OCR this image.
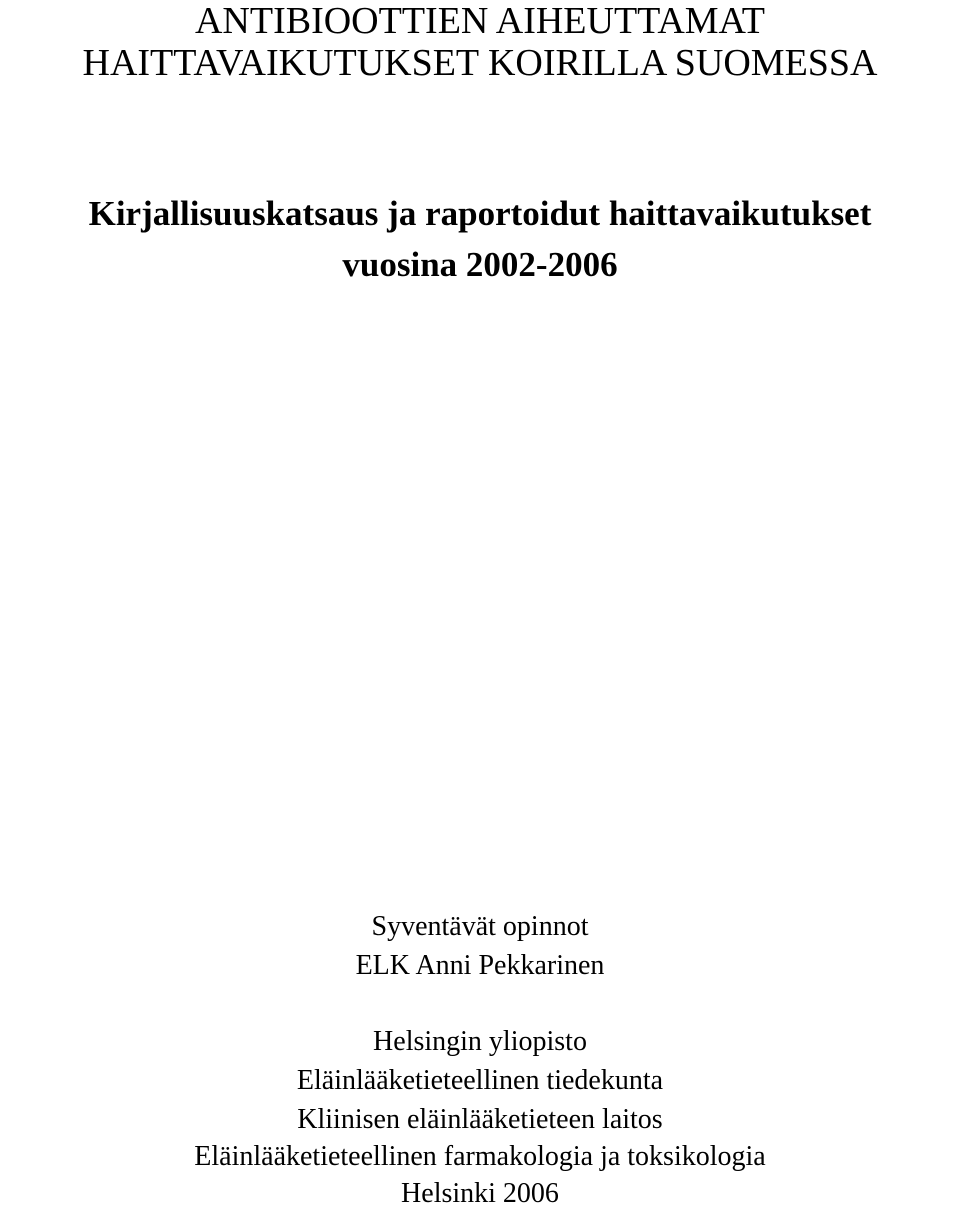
ANTIBIOOTTIEN AIHEUTTAMAT
HAITTAVAIKUTUKSET KOIRILLA SUOMESSA
Kirjallisuuskatsaus ja raportoidut haittavaikutukset
vuosina 2002-2006

Syventävät opinnot

ELK Anni Pekkarinen

Helsingin yliopisto

Eläinlääketieteellinen tiedekunta

Kliinisen eläinlääketieteen laitos

Eläinlääketieteellinen farmakologia ja toksikologia

Helsinki 2006
